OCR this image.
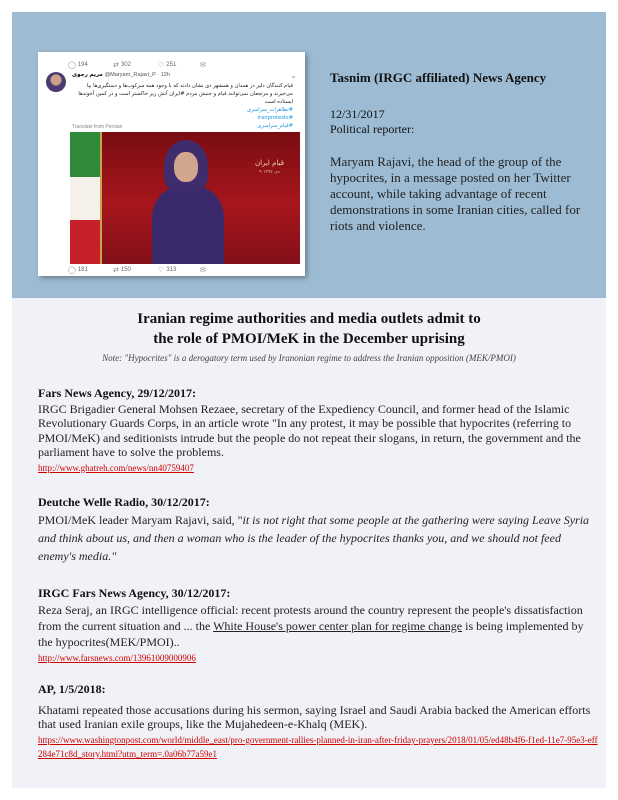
◯ 194	⇄ 302	♡ 251	✉
مریم رجوی @Maryam_Rajavi_P · 12h	⌄
قیام کنندگان دلیر در همدان و همشهر دی نشان دادند که با وجود همه سرکوب‌ها و دستگیری‌ها بپا می‌خیزند و مرتجعان نمی‌توانند قیام و جنبش مردم #ایران آتش زیر خاکستر است و در کمین آخوندها ایستاده است
#تظاهرات_سراسری
#iranprotests
#قیام_سراسری
Translate from Persian
قیام ایران
۹ دی ۱۳۹۶
◯ 181	⇄ 150	♡ 313	✉
Tasnim (IRGC affiliated) News Agency
12/31/2017
Political reporter:
Maryam Rajavi, the head of the group of the hypocrites, in a message posted on her Twitter account, while taking advantage of recent demonstrations in some Iranian cities, called for riots and violence.
Iranian regime authorities and media outlets admit to
the role of PMOI/MeK in the December uprising
Note: "Hypocrites" is a derogatory term used by Iranonian regime to address the Iranian opposition (MEK/PMOI)
Fars News Agency, 29/12/2017:
IRGC Brigadier General Mohsen Rezaee, secretary of the Expediency Council, and former head of the Islamic Revolutionary Guards Corps, in an article wrote "In any protest, it may be possible that hypocrites (referring to PMOI/MeK) and seditionists intrude but the people do not repeat their slogans, in return, the government and the parliament have to solve the problems.
http://www.ghatreh.com/news/nn40759407
Deutche Welle Radio, 30/12/2017:
PMOI/MeK leader Maryam Rajavi, said, "it is not right that some people at the gathering were saying Leave Syria and think about us, and then a woman who is the leader of the hypocrites thanks you, and we should not feed enemy's media."
IRGC Fars News Agency, 30/12/2017:
Reza Seraj, an IRGC intelligence official: recent protests around the country represent the people's dissatisfaction from the current situation and ... the White House's power center plan for regime change is being implemented by the hypocrites(MEK/PMOI)..
http://www.farsnews.com/13961009000906
AP, 1/5/2018:
Khatami repeated those accusations during his sermon, saying Israel and Saudi Arabia backed the American efforts that used Iranian exile groups, like the Mujahedeen-e-Khalq (MEK).
https://www.washingtonpost.com/world/middle_east/pro-government-rallies-planned-in-iran-after-friday-prayers/2018/01/05/ed48b4f6-f1ed-11e7-95e3-eff284e71c8d_story.html?utm_term=.0a06b77a59e1
